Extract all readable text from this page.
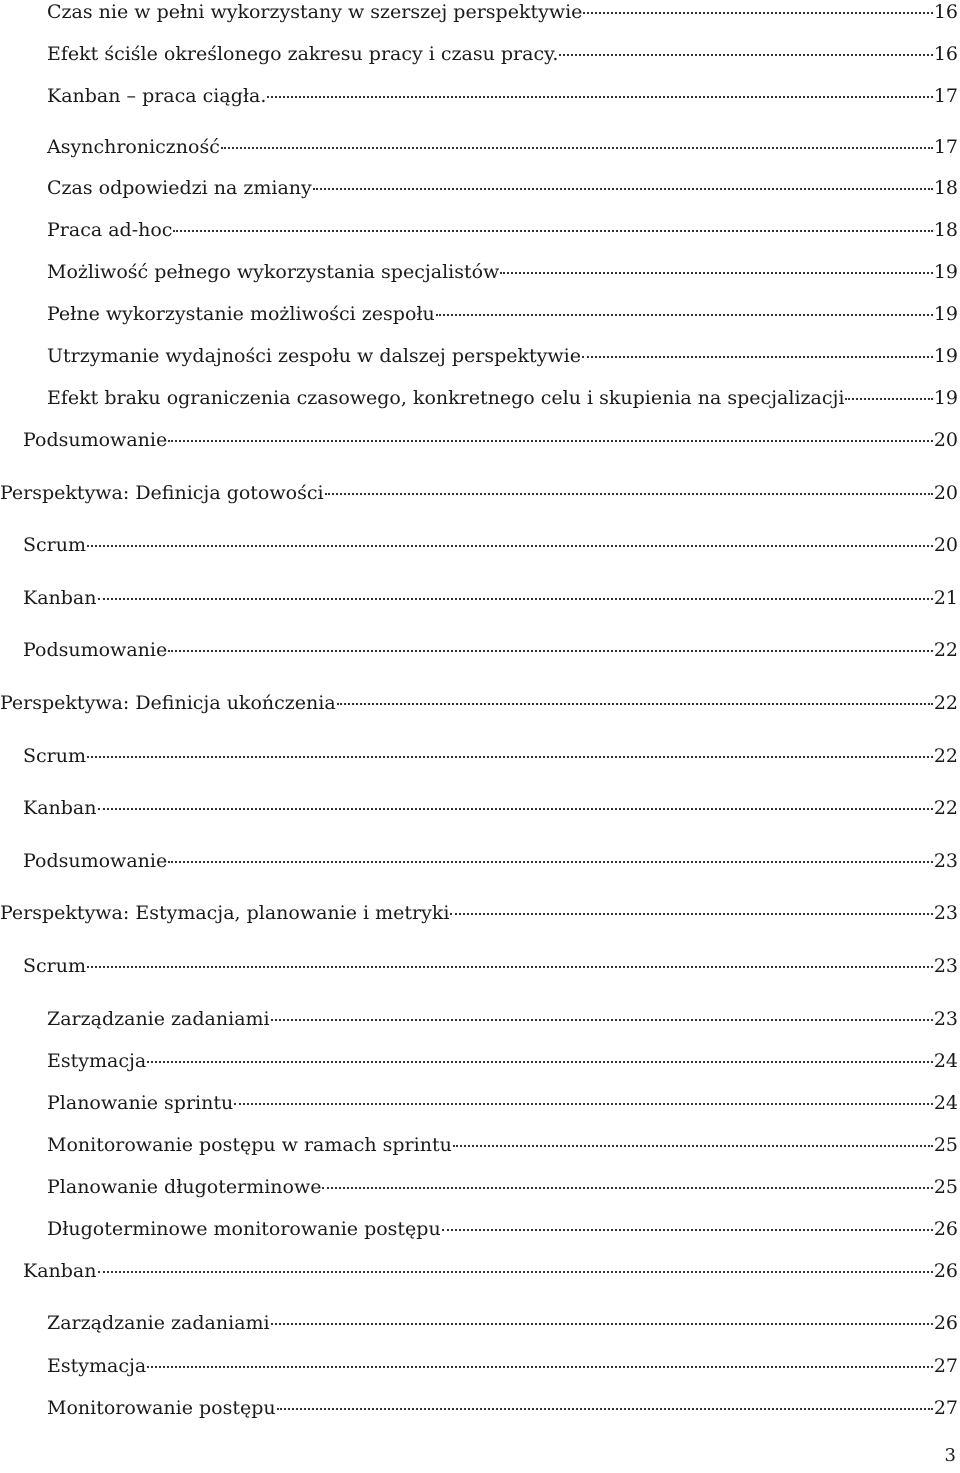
Czas nie w pełni wykorzystany w szerszej perspektywie	16
Efekt ściśle określonego zakresu pracy i czasu pracy.	16
Kanban – praca ciągła.	17
Asynchroniczność	17
Czas odpowiedzi na zmiany	18
Praca ad-hoc	18
Możliwość pełnego wykorzystania specjalistów	19
Pełne wykorzystanie możliwości zespołu	19
Utrzymanie wydajności zespołu w dalszej perspektywie	19
Efekt braku ograniczenia czasowego, konkretnego celu i skupienia na specjalizacji	19
Podsumowanie	20
Perspektywa: Definicja gotowości	20
Scrum	20
Kanban	21
Podsumowanie	22
Perspektywa: Definicja ukończenia	22
Scrum	22
Kanban	22
Podsumowanie	23
Perspektywa: Estymacja, planowanie i metryki	23
Scrum	23
Zarządzanie zadaniami	23
Estymacja	24
Planowanie sprintu	24
Monitorowanie postępu w ramach sprintu	25
Planowanie długoterminowe	25
Długoterminowe monitorowanie postępu	26
Kanban	26
Zarządzanie zadaniami	26
Estymacja	27
Monitorowanie postępu	27
3
